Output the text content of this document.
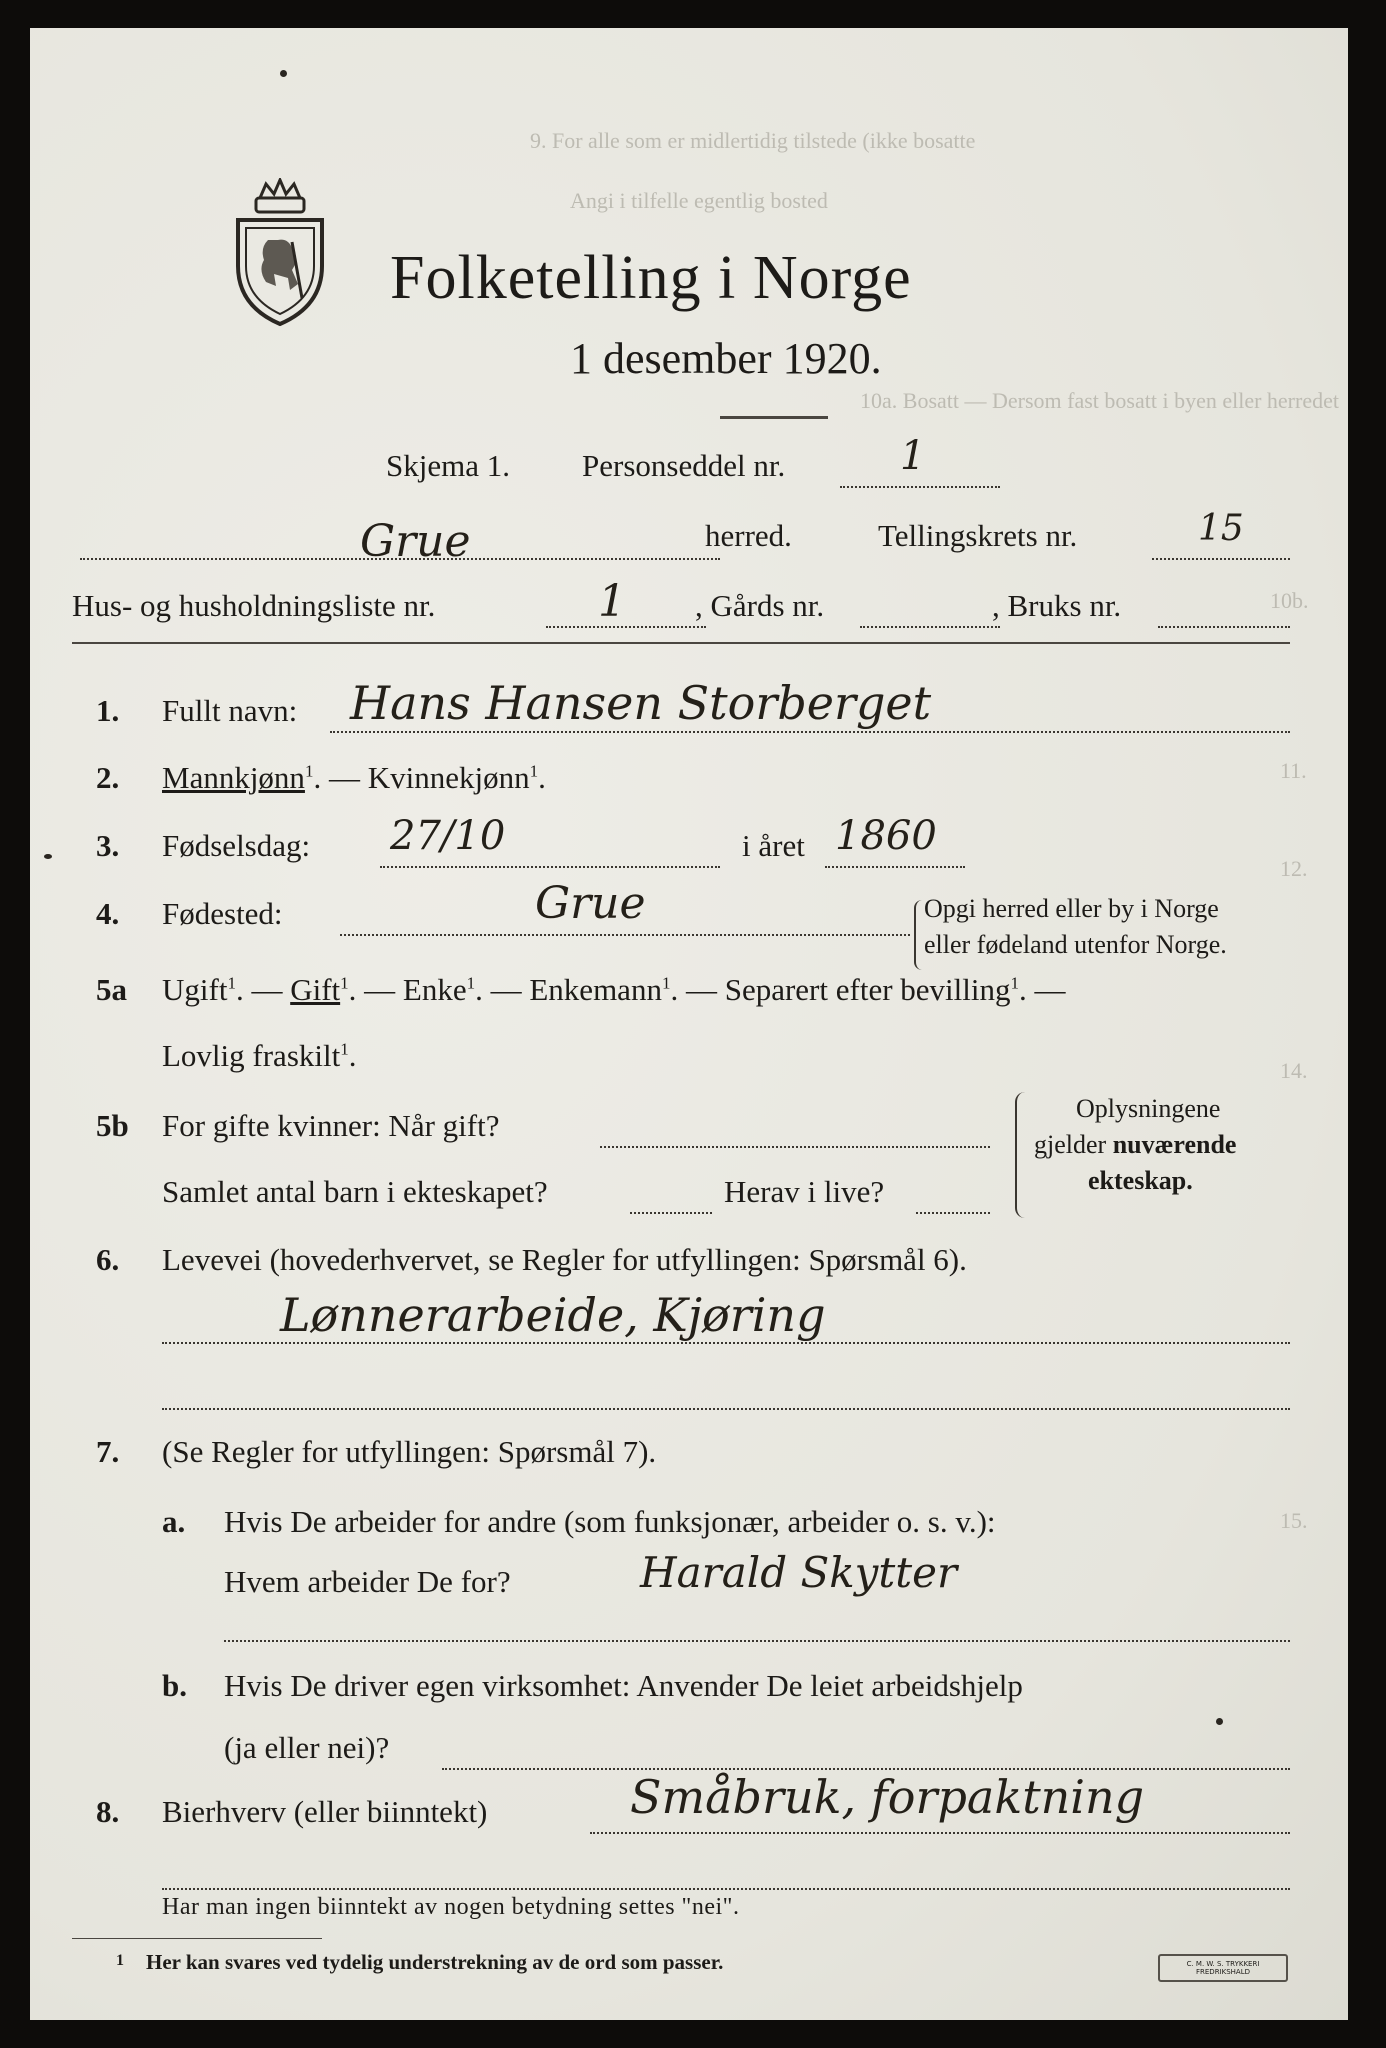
9. For alle som er midlertidig tilstede (ikke bosatte
Angi i tilfelle egentlig bosted
10a. Bosatt — Dersom fast bosatt i byen eller herredet
10b.
11.
12.
14.
15.
Folketelling i Norge
1 desember 1920.
Skjema 1. Personseddel nr.	1
Grue	herred.	Tellingskrets nr.	15
Hus- og husholdningsliste nr.	1 , Gårds nr.	, Bruks nr.
1. Fullt navn: Hans Hansen Storberget
2. Mannkjønn$^1$. — Kvinnekjønn$^1$.
3. Fødselsdag: 27/10	i året 1860
4. Fødested:	Grue	Opgi herred eller by i Norge
eller fødeland utenfor Norge.
5a Ugift$^1$. — Gift$^1$. — Enke$^1$. — Enkemann$^1$. — Separert efter bevilling$^1$. —
Lovlig fraskilt$^1$.
5b For gifte kvinner: Når gift?
Samlet antal barn i ekteskapet?	Herav i live?
Oplysningene
gjelder nuværende
ekteskap.
6. Levevei (hovederhvervet, se Regler for utfyllingen: Spørsmål 6).
Lønnerarbeide, Kjøring
7. (Se Regler for utfyllingen: Spørsmål 7).
a. Hvis De arbeider for andre (som funksjonær, arbeider o. s. v.):
Hvem arbeider De for?	Harald Skytter
b. Hvis De driver egen virksomhet: Anvender De leiet arbeidshjelp
(ja eller nei)?
8. Bierhverv (eller biinntekt)	Småbruk, forpaktning
Har man ingen biinntekt av nogen betydning settes "nei".
1 Her kan svares ved tydelig understrekning av de ord som passer.	C. M. W. S. TRYKKERI FREDRIKSHALD
